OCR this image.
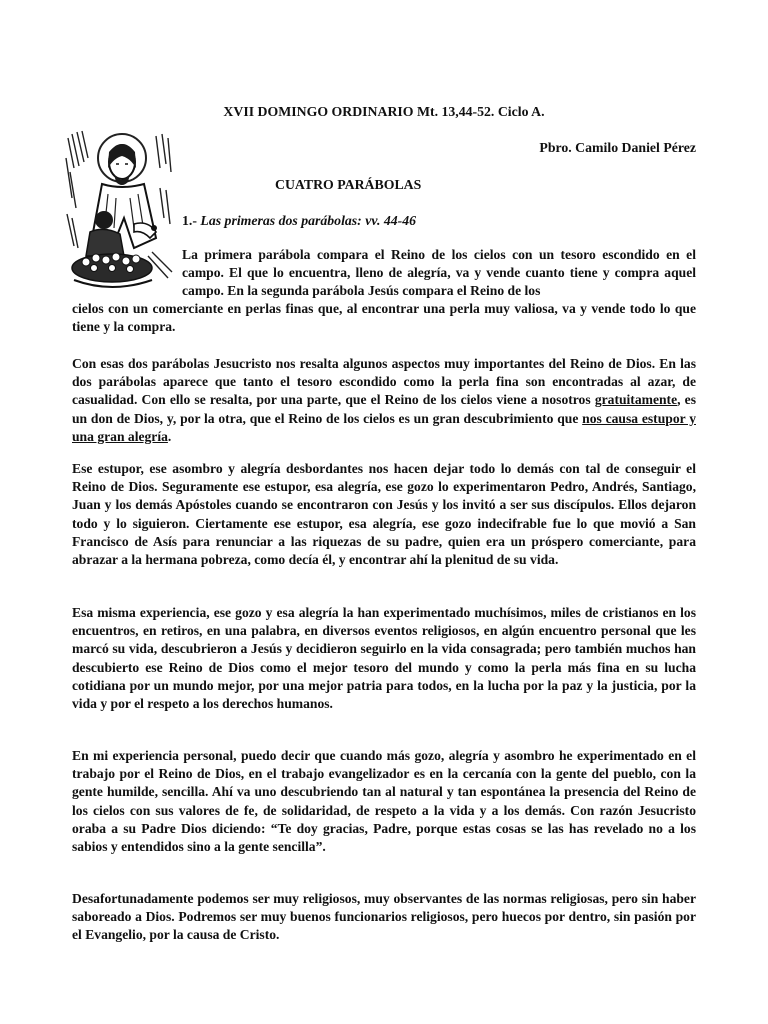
XVII DOMINGO ORDINARIO Mt. 13,44-52. Ciclo A.
Pbro. Camilo Daniel Pérez
CUATRO PARÁBOLAS
1.- Las primeras dos parábolas: vv. 44-46

La primera parábola compara el Reino de los cielos con un tesoro escondido en el campo. El que lo encuentra, lleno de alegría, va y vende cuanto tiene y compra aquel campo. En la segunda parábola Jesús compara el Reino de los

cielos con un comerciante en perlas finas que, al encontrar una perla muy valiosa, va y vende todo lo que tiene y la compra.

Con esas dos parábolas Jesucristo nos resalta algunos aspectos muy importantes del Reino de Dios. En las dos parábolas aparece que tanto el tesoro escondido como la perla fina son encontradas al azar, de casualidad. Con ello se resalta, por una parte, que el Reino de los cielos viene a nosotros gratuitamente, es un don de Dios, y, por la otra, que el Reino de los cielos es un gran descubrimiento que nos causa estupor y una gran alegría.

Ese estupor, ese asombro y alegría desbordantes nos hacen dejar todo lo demás con tal de conseguir el Reino de Dios. Seguramente ese estupor, esa alegría, ese gozo lo experimentaron Pedro, Andrés, Santiago, Juan y los demás Apóstoles cuando se encontraron con Jesús y los invitó a ser sus discípulos. Ellos dejaron todo y lo siguieron. Ciertamente ese estupor, esa alegría, ese gozo indecifrable fue lo que movió a San Francisco de Asís para renunciar a las riquezas de su padre, quien era un próspero comerciante, para abrazar a la hermana pobreza, como decía él, y encontrar ahí la plenitud de su vida.

Esa misma experiencia, ese gozo y esa alegría la han experimentado muchísimos, miles de cristianos en los encuentros, en retiros, en una palabra, en diversos eventos religiosos, en algún encuentro personal que les marcó su vida, descubrieron a Jesús y decidieron seguirlo en la vida consagrada; pero también muchos han descubierto ese Reino de Dios como el mejor tesoro del mundo y como la perla más fina en su lucha cotidiana por un mundo mejor, por una mejor patria para todos, en la lucha por la paz y la justicia, por la vida y por el respeto a los derechos humanos.

En mi experiencia personal, puedo decir que cuando más gozo, alegría y asombro he experimentado en el trabajo por el Reino de Dios, en el trabajo evangelizador es en la cercanía con la gente del pueblo, con la gente humilde, sencilla. Ahí va uno descubriendo tan al natural y tan espontánea la presencia del Reino de los cielos con sus valores de fe, de solidaridad, de respeto a la vida y a los demás. Con razón Jesucristo oraba a su Padre Dios diciendo: “Te doy gracias, Padre, porque estas cosas se las has revelado no a los sabios y entendidos sino a la gente sencilla”.

Desafortunadamente podemos ser muy religiosos, muy observantes de las normas religiosas, pero sin haber saboreado a Dios. Podremos ser muy buenos funcionarios religiosos, pero huecos por dentro, sin pasión por el Evangelio, por la causa de Cristo.
